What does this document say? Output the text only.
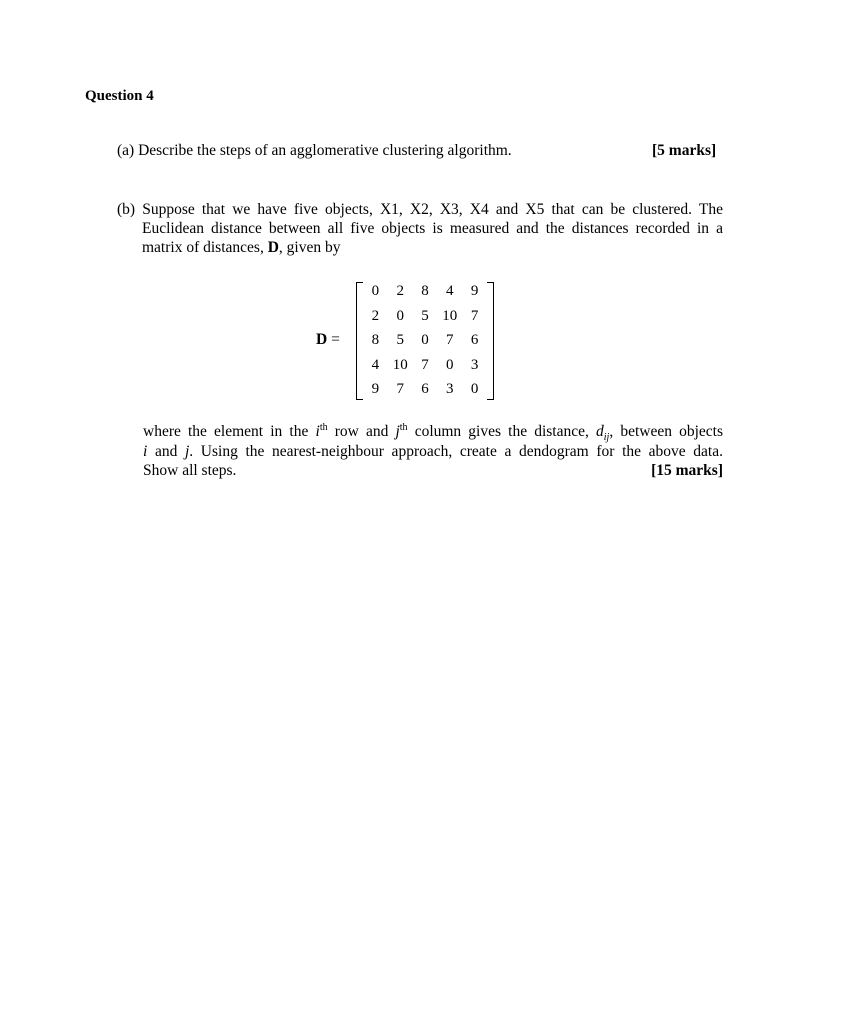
Question 4
(a) Describe the steps of an agglomerative clustering algorithm.	[5 marks]

(b) Suppose that we have five objects, X1, X2, X3, X4 and X5 that can be clustered. The Euclidean distance between all five objects is measured and the distances recorded in a matrix of distances, D, given by

D =
0	2	8	4	9
2	0	5 10 7
8	5	0	7	6
4 10 7	0	3
9	7	6	3	0

where the element in the $i^{th}$ row and $j^{th}$ column gives the distance, $d_{ij}$, between objects

i and j. Using the nearest-neighbour approach, create a dendogram for the above data.

Show all steps.	[15 marks]
